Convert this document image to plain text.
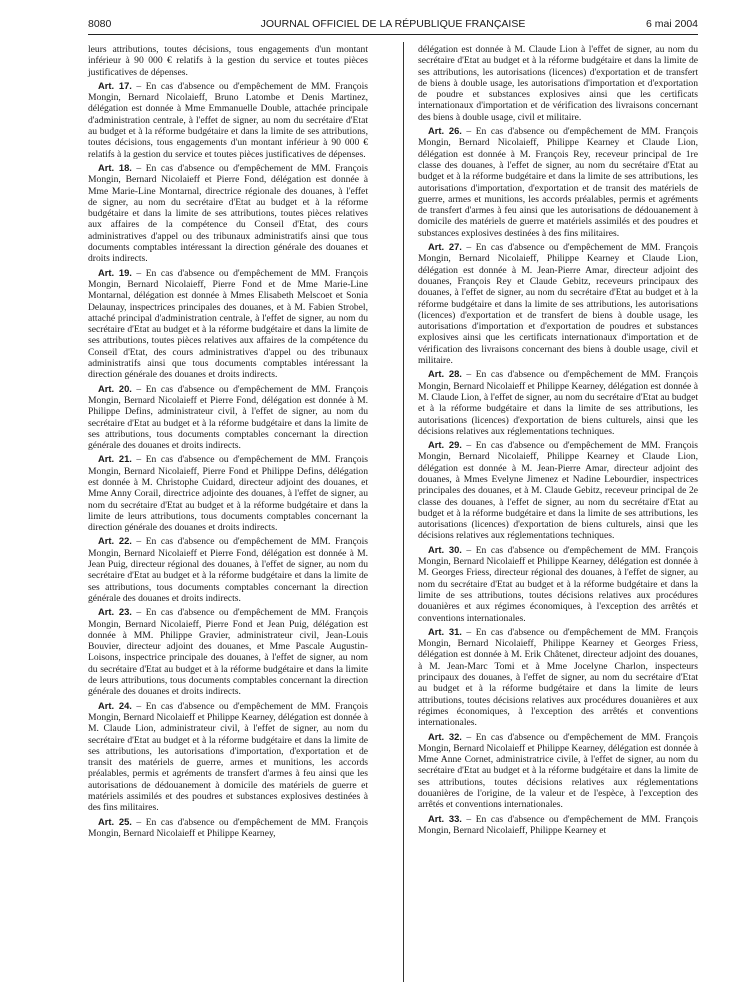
8080	JOURNAL OFFICIEL DE LA RÉPUBLIQUE FRANÇAISE	6 mai 2004

leurs attributions, toutes décisions, tous engagements d'un montant inférieur à 90 000 € relatifs à la gestion du service et toutes pièces justificatives de dépenses.

Art. 17. – En cas d'absence ou d'empêchement de MM. François Mongin, Bernard Nicolaieff, Bruno Latombe et Denis Martinez, délégation est donnée à Mme Emmanuelle Double, attachée principale d'administration centrale, à l'effet de signer, au nom du secrétaire d'Etat au budget et à la réforme budgétaire et dans la limite de ses attributions, toutes décisions, tous engagements d'un montant inférieur à 90 000 € relatifs à la gestion du service et toutes pièces justificatives de dépenses.

Art. 18. – En cas d'absence ou d'empêchement de MM. François Mongin, Bernard Nicolaieff et Pierre Fond, délégation est donnée à Mme Marie-Line Montarnal, directrice régionale des douanes, à l'effet de signer, au nom du secrétaire d'Etat au budget et à la réforme budgétaire et dans la limite de ses attributions, toutes pièces relatives aux affaires de la compétence du Conseil d'Etat, des cours administratives d'appel ou des tribunaux administratifs ainsi que tous documents comptables intéressant la direction générale des douanes et droits indirects.

Art. 19. – En cas d'absence ou d'empêchement de MM. François Mongin, Bernard Nicolaieff, Pierre Fond et de Mme Marie-Line Montarnal, délégation est donnée à Mmes Elisabeth Melscoet et Sonia Delaunay, inspectrices principales des douanes, et à M. Fabien Strobel, attaché principal d'administration centrale, à l'effet de signer, au nom du secrétaire d'Etat au budget et à la réforme budgétaire et dans la limite de ses attributions, toutes pièces relatives aux affaires de la compétence du Conseil d'Etat, des cours administratives d'appel ou des tribunaux administratifs ainsi que tous documents comptables intéressant la direction générale des douanes et droits indirects.

Art. 20. – En cas d'absence ou d'empêchement de MM. François Mongin, Bernard Nicolaieff et Pierre Fond, délégation est donnée à M. Philippe Defins, administrateur civil, à l'effet de signer, au nom du secrétaire d'Etat au budget et à la réforme budgétaire et dans la limite de ses attributions, tous documents comptables concernant la direction générale des douanes et droits indirects.

Art. 21. – En cas d'absence ou d'empêchement de MM. François Mongin, Bernard Nicolaieff, Pierre Fond et Philippe Defins, délégation est donnée à M. Christophe Cuidard, directeur adjoint des douanes, et Mme Anny Corail, directrice adjointe des douanes, à l'effet de signer, au nom du secrétaire d'Etat au budget et à la réforme budgétaire et dans la limite de leurs attributions, tous documents comptables concernant la direction générale des douanes et droits indirects.

Art. 22. – En cas d'absence ou d'empêchement de MM. François Mongin, Bernard Nicolaieff et Pierre Fond, délégation est donnée à M. Jean Puig, directeur régional des douanes, à l'effet de signer, au nom du secrétaire d'Etat au budget et à la réforme budgétaire et dans la limite de ses attributions, tous documents comptables concernant la direction générale des douanes et droits indirects.

Art. 23. – En cas d'absence ou d'empêchement de MM. François Mongin, Bernard Nicolaieff, Pierre Fond et Jean Puig, délégation est donnée à MM. Philippe Gravier, administrateur civil, Jean-Louis Bouvier, directeur adjoint des douanes, et Mme Pascale Augustin-Loisons, inspectrice principale des douanes, à l'effet de signer, au nom du secrétaire d'Etat au budget et à la réforme budgétaire et dans la limite de leurs attributions, tous documents comptables concernant la direction générale des douanes et droits indirects.

Art. 24. – En cas d'absence ou d'empêchement de MM. François Mongin, Bernard Nicolaieff et Philippe Kearney, délégation est donnée à M. Claude Lion, administrateur civil, à l'effet de signer, au nom du secrétaire d'Etat au budget et à la réforme budgétaire et dans la limite de ses attributions, les autorisations d'importation, d'exportation et de transit des matériels de guerre, armes et munitions, les accords préalables, permis et agréments de transfert d'armes à feu ainsi que les autorisations de dédouanement à domicile des matériels de guerre et matériels assimilés et des poudres et substances explosives destinées à des fins militaires.

Art. 25. – En cas d'absence ou d'empêchement de MM. François Mongin, Bernard Nicolaieff et Philippe Kearney,

délégation est donnée à M. Claude Lion à l'effet de signer, au nom du secrétaire d'Etat au budget et à la réforme budgétaire et dans la limite de ses attributions, les autorisations (licences) d'exportation et de transfert de biens à double usage, les autorisations d'importation et d'exportation de poudre et substances explosives ainsi que les certificats internationaux d'importation et de vérification des livraisons concernant des biens à double usage, civil et militaire.

Art. 26. – En cas d'absence ou d'empêchement de MM. François Mongin, Bernard Nicolaieff, Philippe Kearney et Claude Lion, délégation est donnée à M. François Rey, receveur principal de 1re classe des douanes, à l'effet de signer, au nom du secrétaire d'Etat au budget et à la réforme budgétaire et dans la limite de ses attributions, les autorisations d'importation, d'exportation et de transit des matériels de guerre, armes et munitions, les accords préalables, permis et agréments de transfert d'armes à feu ainsi que les autorisations de dédouanement à domicile des matériels de guerre et matériels assimilés et des poudres et substances explosives destinées à des fins militaires.

Art. 27. – En cas d'absence ou d'empêchement de MM. François Mongin, Bernard Nicolaieff, Philippe Kearney et Claude Lion, délégation est donnée à M. Jean-Pierre Amar, directeur adjoint des douanes, François Rey et Claude Gebitz, receveurs principaux des douanes, à l'effet de signer, au nom du secrétaire d'Etat au budget et à la réforme budgétaire et dans la limite de ses attributions, les autorisations (licences) d'exportation et de transfert de biens à double usage, les autorisations d'importation et d'exportation de poudres et substances explosives ainsi que les certificats internationaux d'importation et de vérification des livraisons concernant des biens à double usage, civil et militaire.

Art. 28. – En cas d'absence ou d'empêchement de MM. François Mongin, Bernard Nicolaieff et Philippe Kearney, délégation est donnée à M. Claude Lion, à l'effet de signer, au nom du secrétaire d'Etat au budget et à la réforme budgétaire et dans la limite de ses attributions, les autorisations (licences) d'exportation de biens culturels, ainsi que les décisions relatives aux réglementations techniques.

Art. 29. – En cas d'absence ou d'empêchement de MM. François Mongin, Bernard Nicolaieff, Philippe Kearney et Claude Lion, délégation est donnée à M. Jean-Pierre Amar, directeur adjoint des douanes, à Mmes Evelyne Jimenez et Nadine Lebourdier, inspectrices principales des douanes, et à M. Claude Gebitz, receveur principal de 2e classe des douanes, à l'effet de signer, au nom du secrétaire d'Etat au budget et à la réforme budgétaire et dans la limite de ses attributions, les autorisations (licences) d'exportation de biens culturels, ainsi que les décisions relatives aux réglementations techniques.

Art. 30. – En cas d'absence ou d'empêchement de MM. François Mongin, Bernard Nicolaieff et Philippe Kearney, délégation est donnée à M. Georges Friess, directeur régional des douanes, à l'effet de signer, au nom du secrétaire d'Etat au budget et à la réforme budgétaire et dans la limite de ses attributions, toutes décisions relatives aux procédures douanières et aux régimes économiques, à l'exception des arrêtés et conventions internationales.

Art. 31. – En cas d'absence ou d'empêchement de MM. François Mongin, Bernard Nicolaieff, Philippe Kearney et Georges Friess, délégation est donnée à M. Erik Châtenet, directeur adjoint des douanes, à M. Jean-Marc Tomi et à Mme Jocelyne Charlon, inspecteurs principaux des douanes, à l'effet de signer, au nom du secrétaire d'Etat au budget et à la réforme budgétaire et dans la limite de leurs attributions, toutes décisions relatives aux procédures douanières et aux régimes économiques, à l'exception des arrêtés et conventions internationales.

Art. 32. – En cas d'absence ou d'empêchement de MM. François Mongin, Bernard Nicolaieff et Philippe Kearney, délégation est donnée à Mme Anne Cornet, administratrice civile, à l'effet de signer, au nom du secrétaire d'Etat au budget et à la réforme budgétaire et dans la limite de ses attributions, toutes décisions relatives aux réglementations douanières de l'origine, de la valeur et de l'espèce, à l'exception des arrêtés et conventions internationales.

Art. 33. – En cas d'absence ou d'empêchement de MM. François Mongin, Bernard Nicolaieff, Philippe Kearney et
